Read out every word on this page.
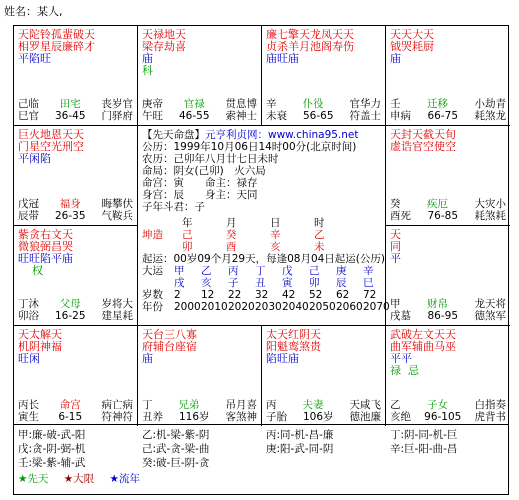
姓名：某人,
天陀铃孤蜚破天
相罗星辰廉碎才
平陷旺
己临 田宅 丧岁官
巳官 36-45 门驿府
天禄地天
梁存劫喜
庙
科
庚帝 官禄 贯息博
午旺 46-55 索神士
廉七擎天龙凤天天
贞杀羊月池阁寿伤
庙旺庙
辛 仆役 官华力
未衰 56-65 符盖士
天天大天
钺哭耗厨
庙
壬	迁移	小劫青
申病 66-75 耗煞龙
巨火地恩天天
门星空光刑空
平闲陷
戊冠 福身 晦攀伏
辰带 26-35 气鞍兵
【先天命盘】元亨利贞网：www.china95.net
公历：1999年10月06日14时00分(北京时间)
农历：己卯年八月廿七日未时
命局：阴女(己卯)　火六局
命宫：寅　　命主：禄存
身宫：辰　　身主：天同
子年斗君：子
年	月	日	时
坤造	己	癸	辛	乙
卯	酉	亥	未
起运：00岁09个月29天，每逢08月04日起运(公历)
大运	甲	乙	丙	丁	戊	己	庚	辛
戌	亥	子	丑	寅	卯	辰	巳
岁数	2	12	22	32	42	52	62	72
年份	2000 2010 2020 2030 2040 2050 2060 2070
天封天截天旬
虚诰官空使空
癸	疾厄	大灾小
酉死 76-85 耗煞耗
紫贪右文天
微狼弼昌哭
旺旺陷平庙
权
丁沐 父母 岁将大
卯浴 16-25 建星耗
天
同
平
甲	财帛	龙天将
戌墓 86-95 德煞军
天太解天
机阴神福
旺闲
丙长 命宫 病亡病
寅生 6-15 符神符
天台三八寡
府辅台座宿
庙
丁 兄弟 吊月喜
丑养 116岁 客煞神
太天红阴天
阳魁鸾煞贵
陷旺庙
丙 夫妻 天咸飞
子胎 106岁 德池廉
武破左文天天
曲军辅曲马巫
平平
禄  忌
乙	子女	白指奏
亥绝 96-105 虎背书
甲:廉-破-武-阳	乙:机-梁-紫-阴	丙:同-机-昌-廉	丁:阴-同-机-巨
戊:贪-阴-弼-机	己:武-贪-梁-曲	庚:阳-武-同-阴	辛:巨-阳-曲-昌
壬:梁-紫-辅-武	癸:破-巨-阴-贪
★先天 ★大限 ★流年
